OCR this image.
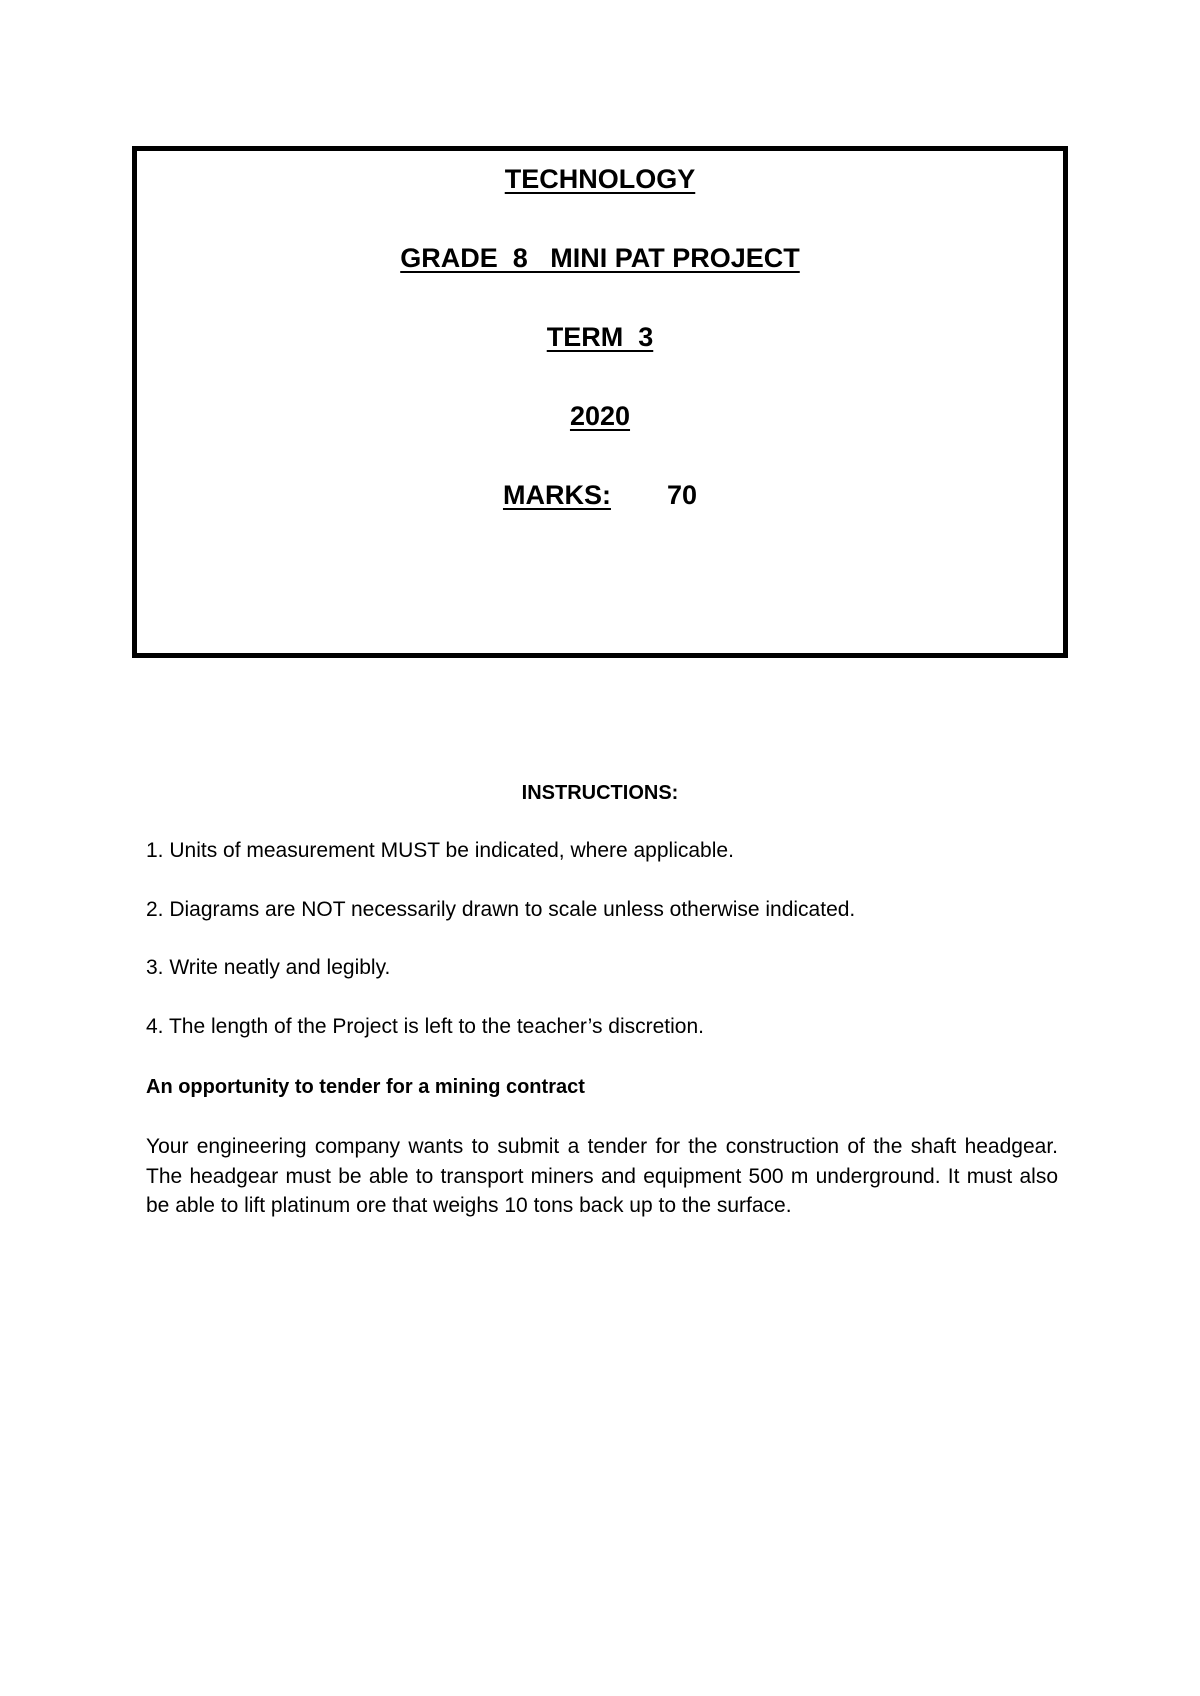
TECHNOLOGY
GRADE  8   MINI PAT PROJECT
TERM  3
2020
MARKS: 70
INSTRUCTIONS:
1. Units of measurement MUST be indicated, where applicable.
2. Diagrams are NOT necessarily drawn to scale unless otherwise indicated.
3. Write neatly and legibly.
4. The length of the Project is left to the teacher’s discretion.
An opportunity to tender for a mining contract

Your engineering company wants to submit a tender for the construction of the shaft headgear. The headgear must be able to transport miners and equipment 500 m underground. It must also be able to lift platinum ore that weighs 10 tons back up to the surface.
